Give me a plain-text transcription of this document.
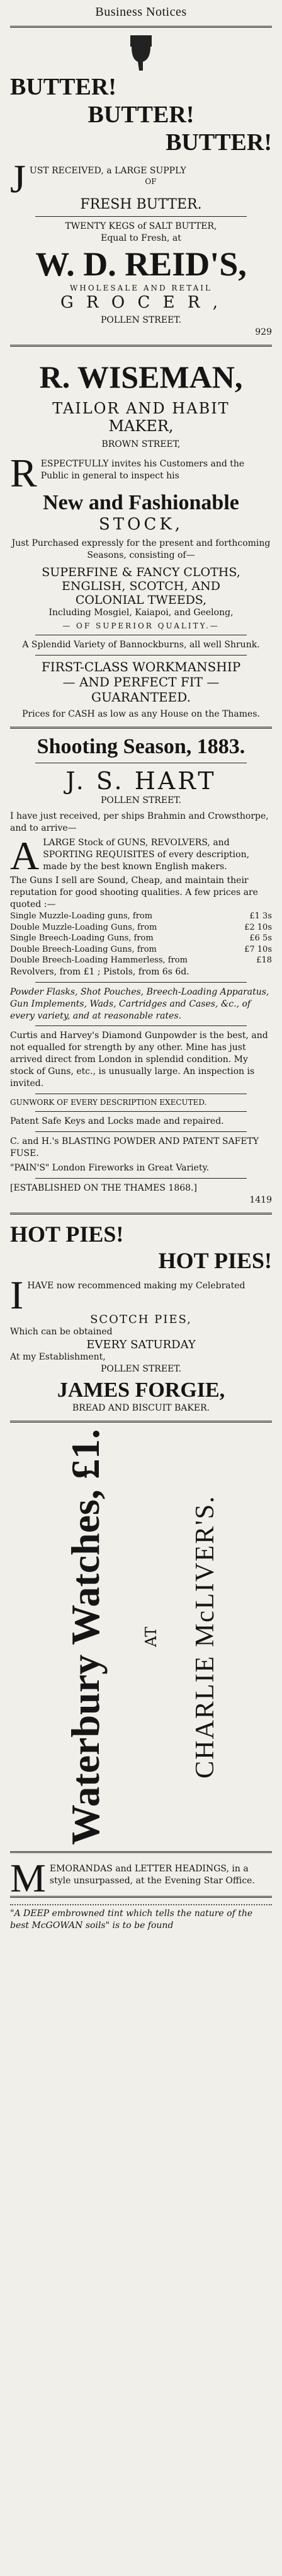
Business Notices
BUTTER!
BUTTER!
BUTTER!
J UST RECEIVED, a LARGE SUPPLY
OF
FRESH BUTTER.
TWENTY KEGS of SALT BUTTER,
Equal to Fresh, at
W. D. REID'S,
WHOLESALE AND RETAIL
G R O C E R ,
POLLEN STREET.
929
R. WISEMAN,
TAILOR AND HABIT
MAKER,
BROWN STREET,
R ESPECTFULLY invites his Customers and the Public in general to inspect his
New and Fashionable
STOCK,
Just Purchased expressly for the present and forthcoming Seasons, consisting of—
SUPERFINE & FANCY CLOTHS,
ENGLISH, SCOTCH, AND
COLONIAL TWEEDS,
Including Mosgiel, Kaiapoi, and Geelong,
— OF SUPERIOR QUALITY.—
A Splendid Variety of Bannockburns, all well Shrunk.
FIRST-CLASS WORKMANSHIP
— AND PERFECT FIT —
GUARANTEED.
Prices for CASH as low as any House on the Thames.
Shooting Season, 1883.
J. S. HART
POLLEN STREET.
I have just received, per ships Brahmin and Crowsthorpe, and to arrive—
A LARGE Stock of GUNS, REVOLVERS, and SPORTING REQUISITES of every description, made by the best known English makers.
The Guns I sell are Sound, Cheap, and maintain their reputation for good shooting qualities. A few prices are quoted :—
Single Muzzle-Loading guns, from	£1 3s
Double Muzzle-Loading Guns, from	£2 10s
Single Breech-Loading Guns, from	£6 5s
Double Breech-Loading Guns, from	£7 10s
Double Breech-Loading Hammerless, from	£18
Revolvers, from £1 ; Pistols, from 6s 6d.
Powder Flasks, Shot Pouches, Breech-Loading Apparatus, Gun Implements, Wads, Cartridges and Cases, &c., of every variety, and at reasonable rates.
Curtis and Harvey's Diamond Gunpowder is the best, and not equalled for strength by any other. Mine has just arrived direct from London in splendid condition. My stock of Guns, etc., is unusually large. An inspection is invited.
GUNWORK OF EVERY DESCRIPTION EXECUTED.
Patent Safe Keys and Locks made and repaired.
C. and H.'s BLASTING POWDER AND PATENT SAFETY FUSE.
"PAIN'S" London Fireworks in Great Variety.
[ESTABLISHED ON THE THAMES 1868.]
1419
HOT PIES!
HOT PIES!
I HAVE now recommenced making my Celebrated
SCOTCH PIES,
Which can be obtained
EVERY SATURDAY
At my Establishment,
POLLEN STREET.
JAMES FORGIE,
BREAD AND BISCUIT BAKER.
Waterbury Watches, £1. AT CHARLIE McLIVER'S.
M EMORANDAS and LETTER HEADINGS, in a style unsurpassed, at the Evening Star Office.
"A DEEP embrowned tint which tells the nature of the best McGOWAN soils" is to be found
